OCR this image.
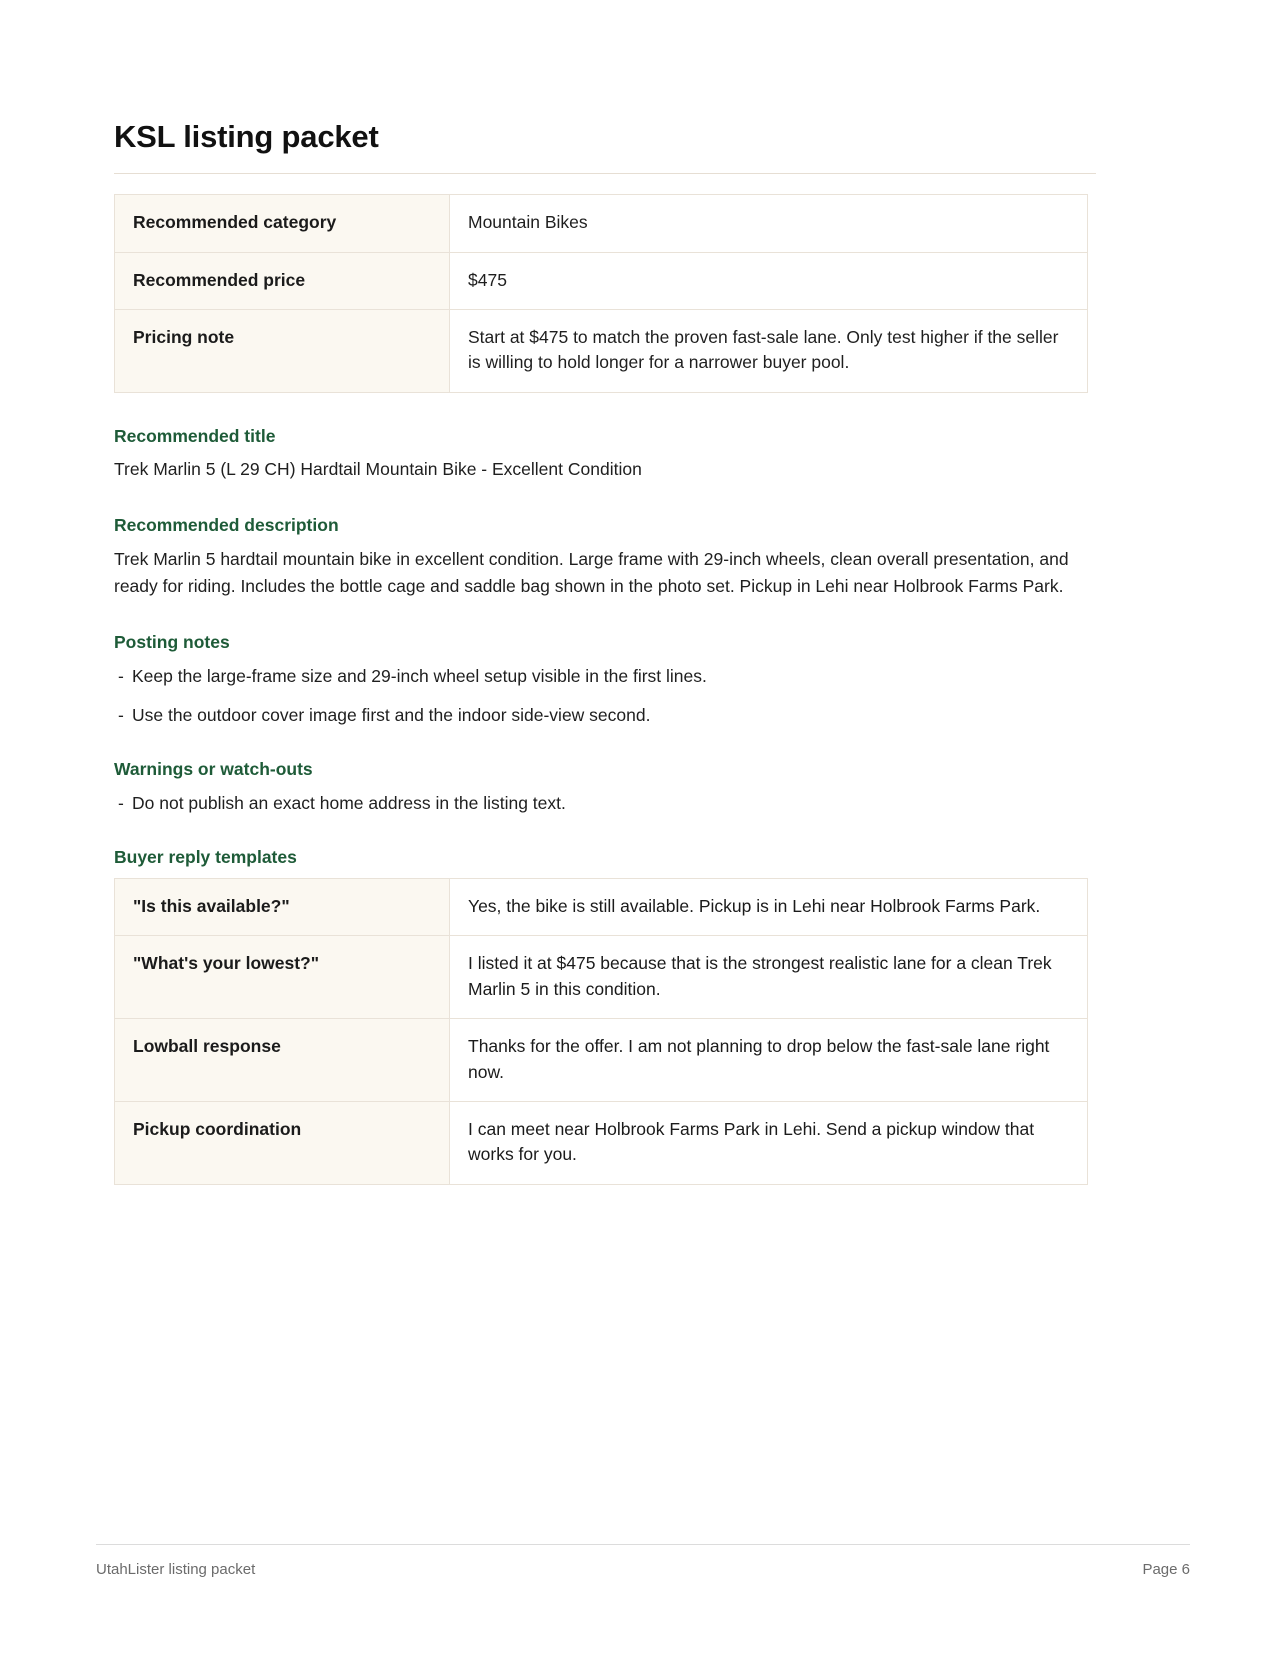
KSL listing packet
Recommended category	Mountain Bikes
Recommended price	$475
Pricing note	Start at $475 to match the proven fast-sale lane. Only test higher if the seller is willing to hold longer for a narrower buyer pool.
Recommended title

Trek Marlin 5 (L 29 CH) Hardtail Mountain Bike - Excellent Condition

Recommended description

Trek Marlin 5 hardtail mountain bike in excellent condition. Large frame with 29-inch wheels, clean overall presentation, and ready for riding. Includes the bottle cage and saddle bag shown in the photo set. Pickup in Lehi near Holbrook Farms Park.

Posting notes
- Keep the large-frame size and 29-inch wheel setup visible in the first lines.
- Use the outdoor cover image first and the indoor side-view second.
Warnings or watch-outs
- Do not publish an exact home address in the listing text.
Buyer reply templates
"Is this available?"	Yes, the bike is still available. Pickup is in Lehi near Holbrook Farms Park.
"What's your lowest?"	I listed it at $475 because that is the strongest realistic lane for a clean Trek Marlin 5 in this condition.
Lowball response	Thanks for the offer. I am not planning to drop below the fast-sale lane right now.
Pickup coordination	I can meet near Holbrook Farms Park in Lehi. Send a pickup window that works for you.
UtahLister listing packet	Page 6
